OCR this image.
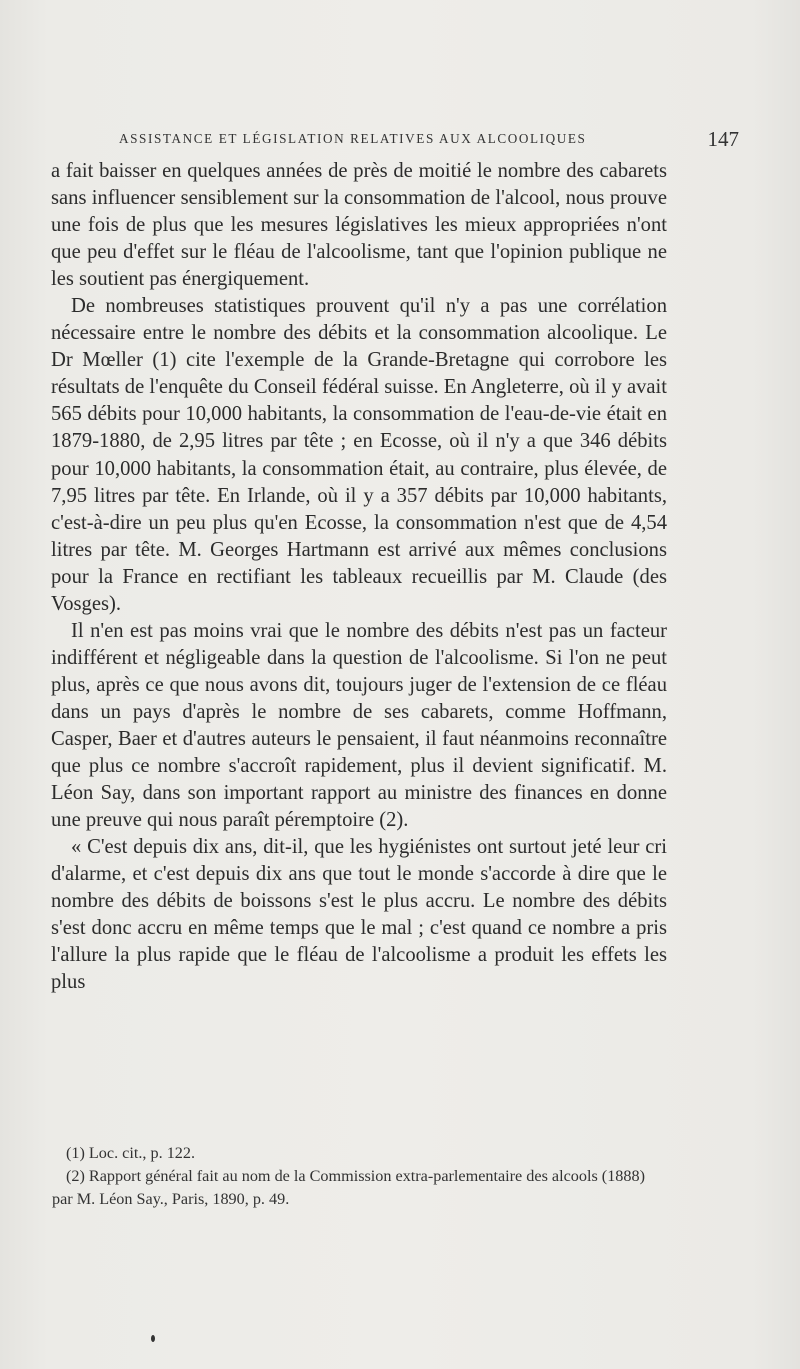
ASSISTANCE ET LÉGISLATION RELATIVES AUX ALCOOLIQUES	147

a fait baisser en quelques années de près de moitié le nombre des cabarets sans influencer sensiblement sur la consommation de l'alcool, nous prouve une fois de plus que les mesures législatives les mieux appropriées n'ont que peu d'effet sur le fléau de l'alcoolisme, tant que l'opinion publique ne les soutient pas énergiquement.

De nombreuses statistiques prouvent qu'il n'y a pas une corrélation nécessaire entre le nombre des débits et la consommation alcoolique. Le Dr Mœller (1) cite l'exemple de la Grande-Bretagne qui corrobore les résultats de l'enquête du Conseil fédéral suisse. En Angleterre, où il y avait 565 débits pour 10,000 habitants, la consommation de l'eau-de-vie était en 1879-1880, de 2,95 litres par tête ; en Ecosse, où il n'y a que 346 débits pour 10,000 habitants, la consommation était, au contraire, plus élevée, de 7,95 litres par tête. En Irlande, où il y a 357 débits par 10,000 habitants, c'est-à-dire un peu plus qu'en Ecosse, la consommation n'est que de 4,54 litres par tête. M. Georges Hartmann est arrivé aux mêmes conclusions pour la France en rectifiant les tableaux recueillis par M. Claude (des Vosges).

Il n'en est pas moins vrai que le nombre des débits n'est pas un facteur indifférent et négligeable dans la question de l'alcoolisme. Si l'on ne peut plus, après ce que nous avons dit, toujours juger de l'extension de ce fléau dans un pays d'après le nombre de ses cabarets, comme Hoffmann, Casper, Baer et d'autres auteurs le pensaient, il faut néanmoins reconnaître que plus ce nombre s'accroît rapidement, plus il devient significatif. M. Léon Say, dans son important rapport au ministre des finances en donne une preuve qui nous paraît péremptoire (2).

« C'est depuis dix ans, dit-il, que les hygiénistes ont surtout jeté leur cri d'alarme, et c'est depuis dix ans que tout le monde s'accorde à dire que le nombre des débits de boissons s'est le plus accru. Le nombre des débits s'est donc accru en même temps que le mal ; c'est quand ce nombre a pris l'allure la plus rapide que le fléau de l'alcoolisme a produit les effets les plus

(1) Loc. cit., p. 122.

(2) Rapport général fait au nom de la Commission extra-parlementaire des alcools (1888) par M. Léon Say., Paris, 1890, p. 49.
